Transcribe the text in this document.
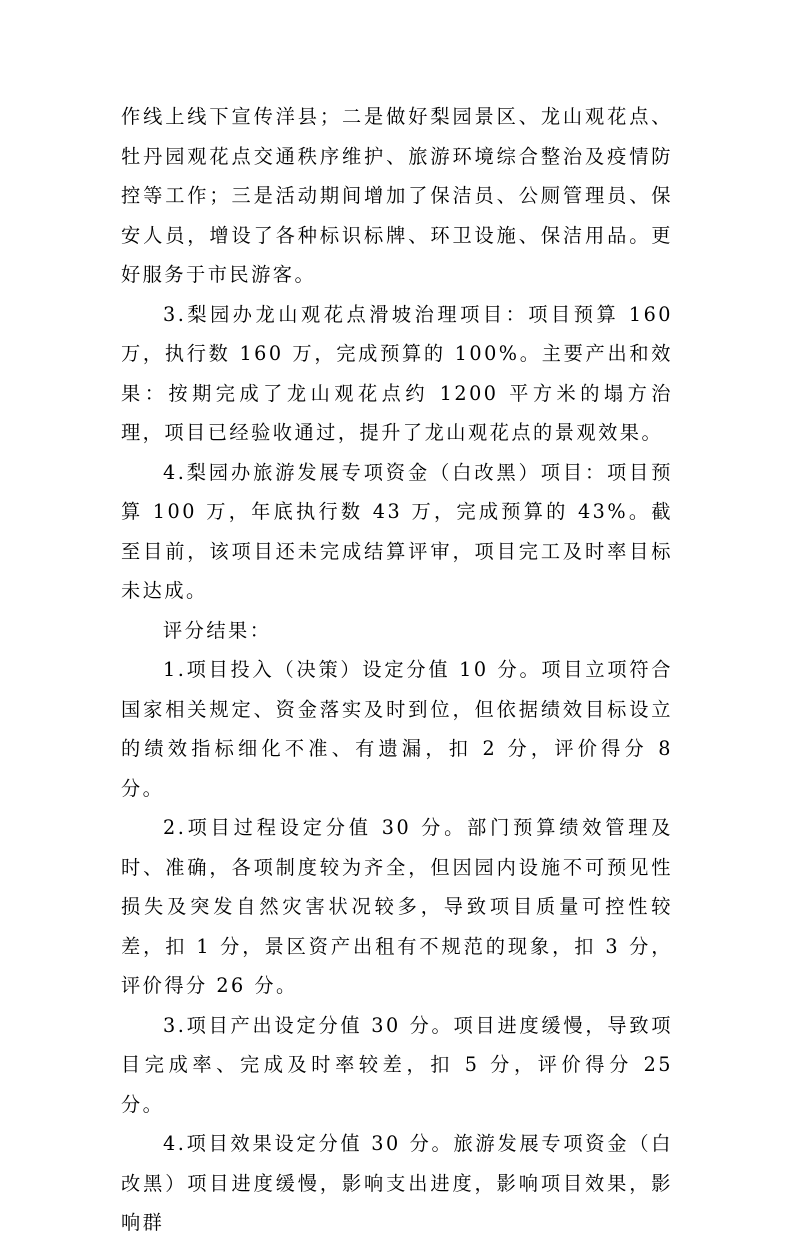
作线上线下宣传洋县；二是做好梨园景区、龙山观花点、牡丹园观花点交通秩序维护、旅游环境综合整治及疫情防控等工作；三是活动期间增加了保洁员、公厕管理员、保安人员，增设了各种标识标牌、环卫设施、保洁用品。更好服务于市民游客。

3.梨园办龙山观花点滑坡治理项目：项目预算 160 万，执行数 160 万，完成预算的 100%。主要产出和效果：按期完成了龙山观花点约 1200 平方米的塌方治理，项目已经验收通过，提升了龙山观花点的景观效果。

4.梨园办旅游发展专项资金（白改黑）项目：项目预算 100 万，年底执行数 43 万，完成预算的 43%。截至目前，该项目还未完成结算评审，项目完工及时率目标未达成。

评分结果：

1.项目投入（决策）设定分值 10 分。项目立项符合国家相关规定、资金落实及时到位，但依据绩效目标设立的绩效指标细化不准、有遗漏，扣 2 分，评价得分 8 分。

2.项目过程设定分值 30 分。部门预算绩效管理及时、准确，各项制度较为齐全，但因园内设施不可预见性损失及突发自然灾害状况较多，导致项目质量可控性较差，扣 1 分，景区资产出租有不规范的现象，扣 3 分，评价得分 26 分。

3.项目产出设定分值 30 分。项目进度缓慢，导致项目完成率、完成及时率较差，扣 5 分，评价得分 25 分。

4.项目效果设定分值 30 分。旅游发展专项资金（白改黑）项目进度缓慢，影响支出进度，影响项目效果，影响群
